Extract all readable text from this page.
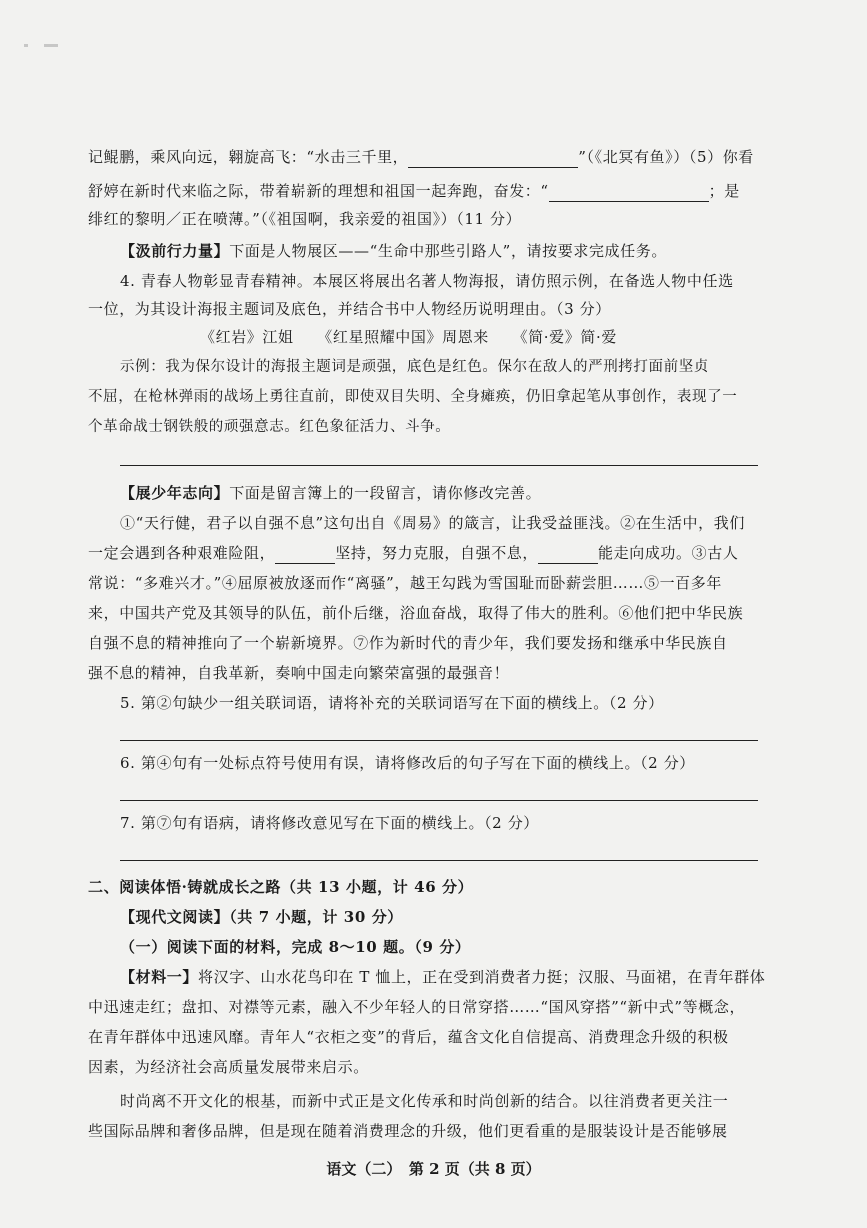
记鲲鹏，乘风向远，翱旋高飞：“水击三千里，	”（《北冥有鱼》）（5）你看
舒婷在新时代来临之际，带着崭新的理想和祖国一起奔跑，奋发：“	；是
绯红的黎明／正在喷薄。”（《祖国啊，我亲爱的祖国》）（11 分）
【汲前行力量】下面是人物展区——“生命中那些引路人”，请按要求完成任务。
4. 青春人物彰显青春精神。本展区将展出名著人物海报，请仿照示例，在备选人物中任选
一位，为其设计海报主题词及底色，并结合书中人物经历说明理由。（3 分）
《红岩》江姐　　《红星照耀中国》周恩来　　《简·爱》简·爱
示例：我为保尔设计的海报主题词是顽强，底色是红色。保尔在敌人的严刑拷打面前坚贞
不屈，在枪林弹雨的战场上勇往直前，即使双目失明、全身瘫痪，仍旧拿起笔从事创作，表现了一
个革命战士钢铁般的顽强意志。红色象征活力、斗争。
【展少年志向】下面是留言簿上的一段留言，请你修改完善。
①“天行健，君子以自强不息”这句出自《周易》的箴言，让我受益匪浅。②在生活中，我们
一定会遇到各种艰难险阻，	坚持，努力克服，自强不息，	能走向成功。③古人
常说：“多难兴才。”④屈原被放逐而作“离骚”，越王勾践为雪国耻而卧薪尝胆……⑤一百多年
来，中国共产党及其领导的队伍，前仆后继，浴血奋战，取得了伟大的胜利。⑥他们把中华民族
自强不息的精神推向了一个崭新境界。⑦作为新时代的青少年，我们要发扬和继承中华民族自
强不息的精神，自我革新，奏响中国走向繁荣富强的最强音！
5. 第②句缺少一组关联词语，请将补充的关联词语写在下面的横线上。（2 分）
6. 第④句有一处标点符号使用有误，请将修改后的句子写在下面的横线上。（2 分）
7. 第⑦句有语病，请将修改意见写在下面的横线上。（2 分）
二、阅读体悟·铸就成长之路（共 13 小题，计 46 分）
【现代文阅读】（共 7 小题，计 30 分）
（一）阅读下面的材料，完成 8～10 题。（9 分）
【材料一】将汉字、山水花鸟印在 T 恤上，正在受到消费者力挺；汉服、马面裙，在青年群体
中迅速走红；盘扣、对襟等元素，融入不少年轻人的日常穿搭……“国风穿搭”“新中式”等概念，
在青年群体中迅速风靡。青年人“衣柜之变”的背后，蕴含文化自信提高、消费理念升级的积极
因素，为经济社会高质量发展带来启示。
时尚离不开文化的根基，而新中式正是文化传承和时尚创新的结合。以往消费者更关注一
些国际品牌和奢侈品牌，但是现在随着消费理念的升级，他们更看重的是服装设计是否能够展
语文（二）　第 2 页（共 8 页）
